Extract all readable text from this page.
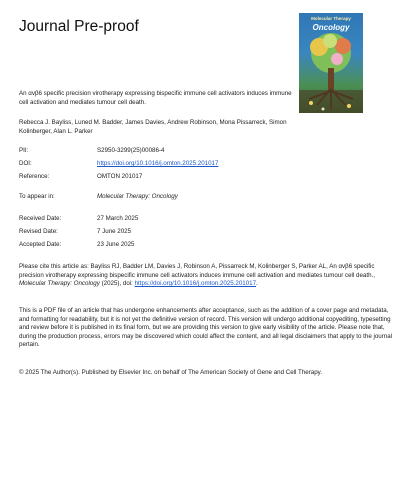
Journal Pre-proof	Molecular Therapy
Oncology
An αvβ6 specific precision virotherapy expressing bispecific immune cell activators induces immune cell activation and mediates tumour cell death.
Rebecca J. Bayliss, Luned M. Badder, James Davies, Andrew Robinson, Mona Pissarreck, Simon Kolinberger, Alan L. Parker
PII:	S2950-3299(25)00086-4
DOI:	https://doi.org/10.1016/j.omton.2025.201017
Reference:	OMTON 201017
To appear in:	Molecular Therapy: Oncology
Received Date:	27 March 2025
Revised Date:	7 June 2025
Accepted Date:	23 June 2025
Please cite this article as: Bayliss RJ, Badder LM, Davies J, Robinson A, Pissarreck M, Kolinberger S, Parker AL, An αvβ6 specific precision virotherapy expressing bispecific immune cell activators induces immune cell activation and mediates tumour cell death., Molecular Therapy: Oncology (2025), doi: https://doi.org/10.1016/j.omton.2025.201017.
This is a PDF file of an article that has undergone enhancements after acceptance, such as the addition of a cover page and metadata, and formatting for readability, but it is not yet the definitive version of record. This version will undergo additional copyediting, typesetting and review before it is published in its final form, but we are providing this version to give early visibility of the article. Please note that, during the production process, errors may be discovered which could affect the content, and all legal disclaimers that apply to the journal pertain.
© 2025 The Author(s). Published by Elsevier Inc. on behalf of The American Society of Gene and Cell Therapy.
